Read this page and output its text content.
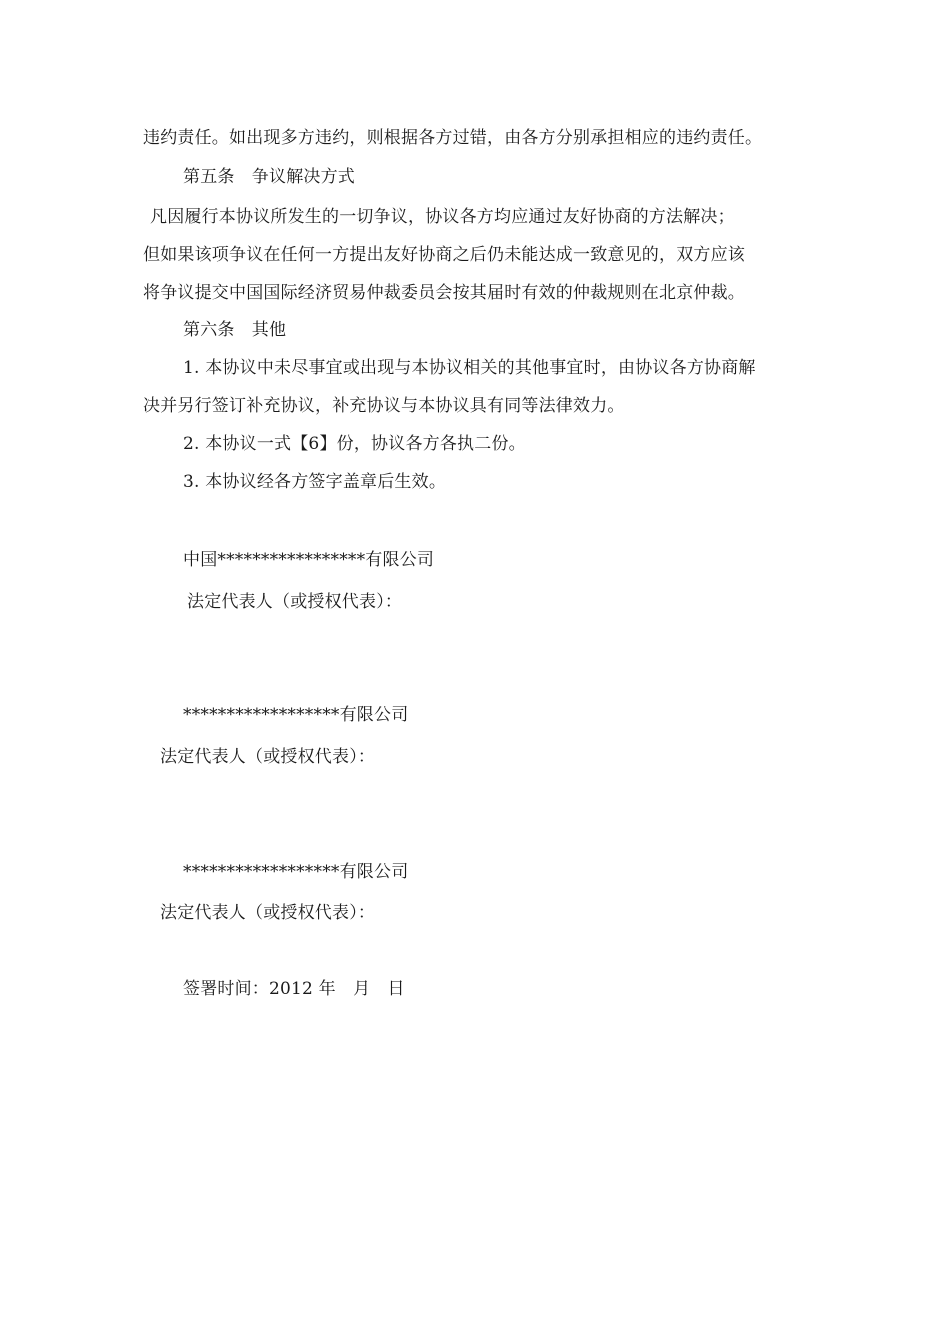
违约责任。如出现多方违约，则根据各方过错，由各方分别承担相应的违约责任。
第五条　争议解决方式
凡因履行本协议所发生的一切争议，协议各方均应通过友好协商的方法解决；
但如果该项争议在任何一方提出友好协商之后仍未能达成一致意见的，双方应该
将争议提交中国国际经济贸易仲裁委员会按其届时有效的仲裁规则在北京仲裁。
第六条　其他
1. 本协议中未尽事宜或出现与本协议相关的其他事宜时，由协议各方协商解
决并另行签订补充协议，补充协议与本协议具有同等法律效力。
2. 本协议一式【6】份，协议各方各执二份。
3. 本协议经各方签字盖章后生效。
中国*****************有限公司
法定代表人（或授权代表）：
******************有限公司
法定代表人（或授权代表）：
******************有限公司
法定代表人（或授权代表）：
签署时间：2012 年　月　日
